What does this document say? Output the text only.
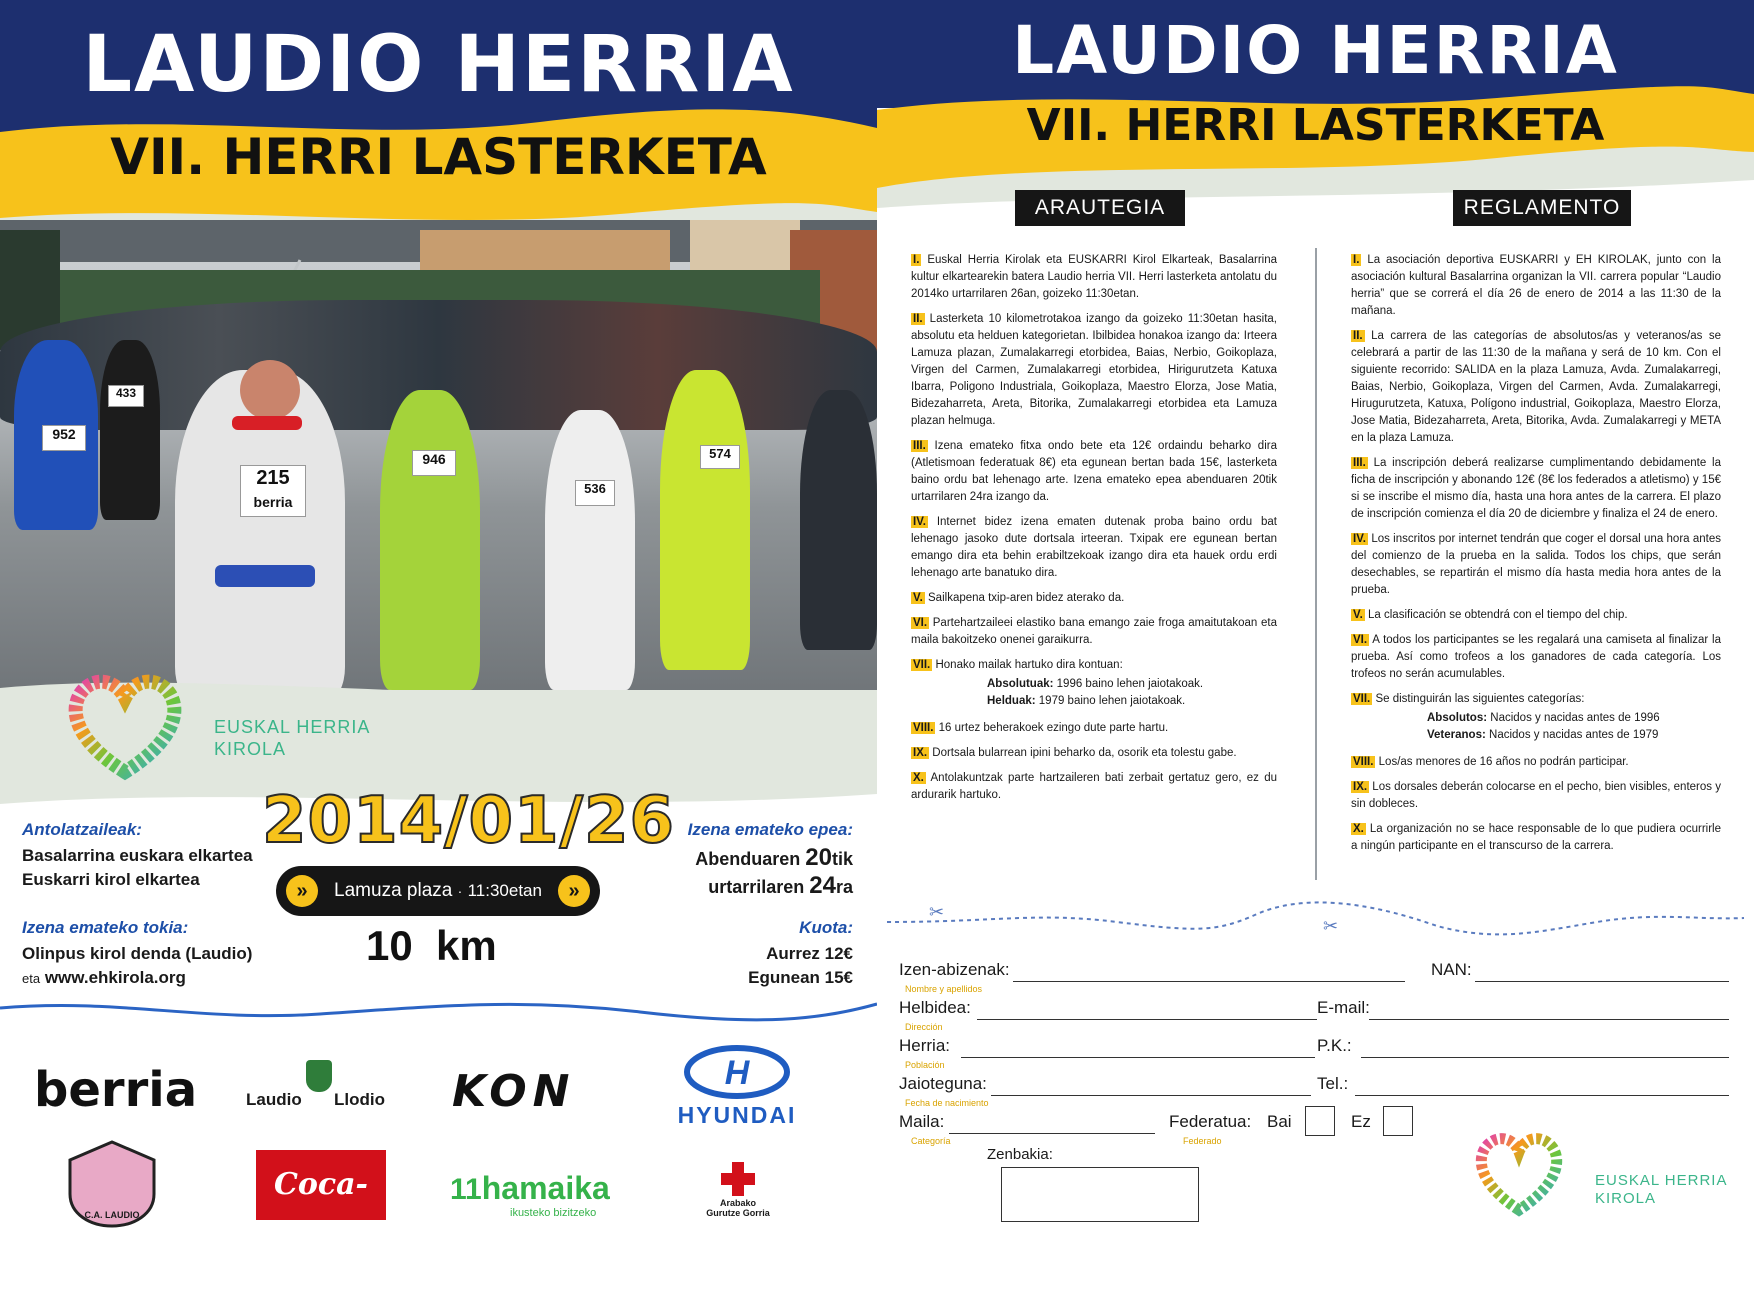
LAUDIO HERRIA
VII. HERRI LASTERKETA
952
433
215
berria
946
536
574
EUSKAL HERRIA
KIROLA
Antolatzaileak:
Basalarrina euskara elkartea
Euskarri kirol elkartea
Izena emateko tokia:
Olinpus kirol denda (Laudio)
eta www.ehkirola.org
2014/01/26
»	Lamuza plaza · 11:30etan	»
10  km
Izena emateko epea:
Abenduaren 20tik
urtarrilaren 24ra
Kuota:
Aurrez 12€
Egunean 15€
berria	Laudio Llodio KON	H
HYUNDAI
C.A. LAUDIO
Coca-Cola
11hamaika
ikusteko bizitzeko
Arabako
Gurutze Gorria
LAUDIO HERRIA
VII. HERRI LASTERKETA
ARAUTEGIA	REGLAMENTO

I. Euskal Herria Kirolak eta EUSKARRI Kirol Elkarteak, Basalarrina kultur elkartearekin batera Laudio herria VII. Herri lasterketa antolatu du 2014ko urtarrilaren 26an, goizeko 11:30etan.

II. Lasterketa 10 kilometrotakoa izango da goizeko 11:30etan hasita, absolutu eta helduen kategorietan. Ibilbidea honakoa izango da: Irteera Lamuza plazan, Zumalakarregi etorbidea, Baias, Nerbio, Goikoplaza, Virgen del Carmen, Zumalakarregi etorbidea, Hirigurutzeta Katuxa Ibarra, Poligono Industriala, Goikoplaza, Maestro Elorza, Jose Matia, Bidezaharreta, Areta, Bitorika, Zumalakarregi etorbidea eta Lamuza plazan helmuga.

III. Izena emateko fitxa ondo bete eta 12€ ordaindu beharko dira (Atletismoan federatuak 8€) eta egunean bertan bada 15€, lasterketa baino ordu bat lehenago arte. Izena emateko epea abenduaren 20tik urtarrilaren 24ra izango da.

IV. Internet bidez izena ematen dutenak proba baino ordu bat lehenago jasoko dute dortsala irteeran. Txipak ere egunean bertan emango dira eta behin erabiltzekoak izango dira eta hauek ordu erdi lehenago arte banatuko dira.

V. Sailkapena txip-aren bidez aterako da.

VI. Partehartzaileei elastiko bana emango zaie froga amaitutakoan eta maila bakoitzeko onenei garaikurra.

VII. Honako mailak hartuko dira kontuan:

Absolutuak: 1996 baino lehen jaiotakoak.
Helduak: 1979 baino lehen jaiotakoak.

VIII. 16 urtez beherakoek ezingo dute parte hartu.

IX. Dortsala bularrean ipini beharko da, osorik eta tolestu gabe.

X. Antolakuntzak parte hartzaileren bati zerbait gertatuz gero, ez du ardurarik hartuko.

I. La asociación deportiva EUSKARRI y EH KIROLAK, junto con la asociación kultural Basalarrina organizan la VII. carrera popular “Laudio herria” que se correrá el día 26 de enero de 2014 a las 11:30 de la mañana.

II. La carrera de las categorías de absolutos/as y veteranos/as se celebrará a partir de las 11:30 de la mañana y será de 10 km. Con el siguiente recorrido: SALIDA en la plaza Lamuza, Avda. Zumalakarregi, Baias, Nerbio, Goikoplaza, Virgen del Carmen, Avda. Zumalakarregi, Hirugurutzeta, Katuxa, Polígono industrial, Goikoplaza, Maestro Elorza, Jose Matia, Bidezaharreta, Areta, Bitorika, Avda. Zumalakarregi y META en la plaza Lamuza.

III. La inscripción deberá realizarse cumplimentando debidamente la ficha de inscripción y abonando 12€ (8€ los federados a atletismo) y 15€ si se inscribe el mismo día, hasta una hora antes de la carrera. El plazo de inscripción comienza el día 20 de diciembre y finaliza el 24 de enero.

IV. Los inscritos por internet tendrán que coger el dorsal una hora antes del comienzo de la prueba en la salida. Todos los chips, que serán desechables, se repartirán el mismo día hasta media hora antes de la prueba.

V. La clasificación se obtendrá con el tiempo del chip.

VI. A todos los participantes se les regalará una camiseta al finalizar la prueba. Así como trofeos a los ganadores de cada categoría. Los trofeos no serán acumulables.

VII. Se distinguirán las siguientes categorías:

Absolutos: Nacidos y nacidas antes de 1996
Veteranos: Nacidos y nacidas antes de 1979

VIII. Los/as menores de 16 años no podrán participar.

IX. Los dorsales deberán colocarse en el pecho, bien visibles, enteros y sin dobleces.

X. La organización no se hace responsable de lo que pudiera ocurrirle a ningún participante en el transcurso de la carrera.

✂
✂
Izen-abizenak:
Nombre y apellidos
NAN:
Helbidea:
Dirección
E-mail:
Herria:
Población
P.K.:
Jaioteguna:
Fecha de nacimiento
Tel.:
Maila:
Categoría
Federatua:
Federado
Bai	Ez
Zenbakia:
EUSKAL HERRIA
KIROLA
